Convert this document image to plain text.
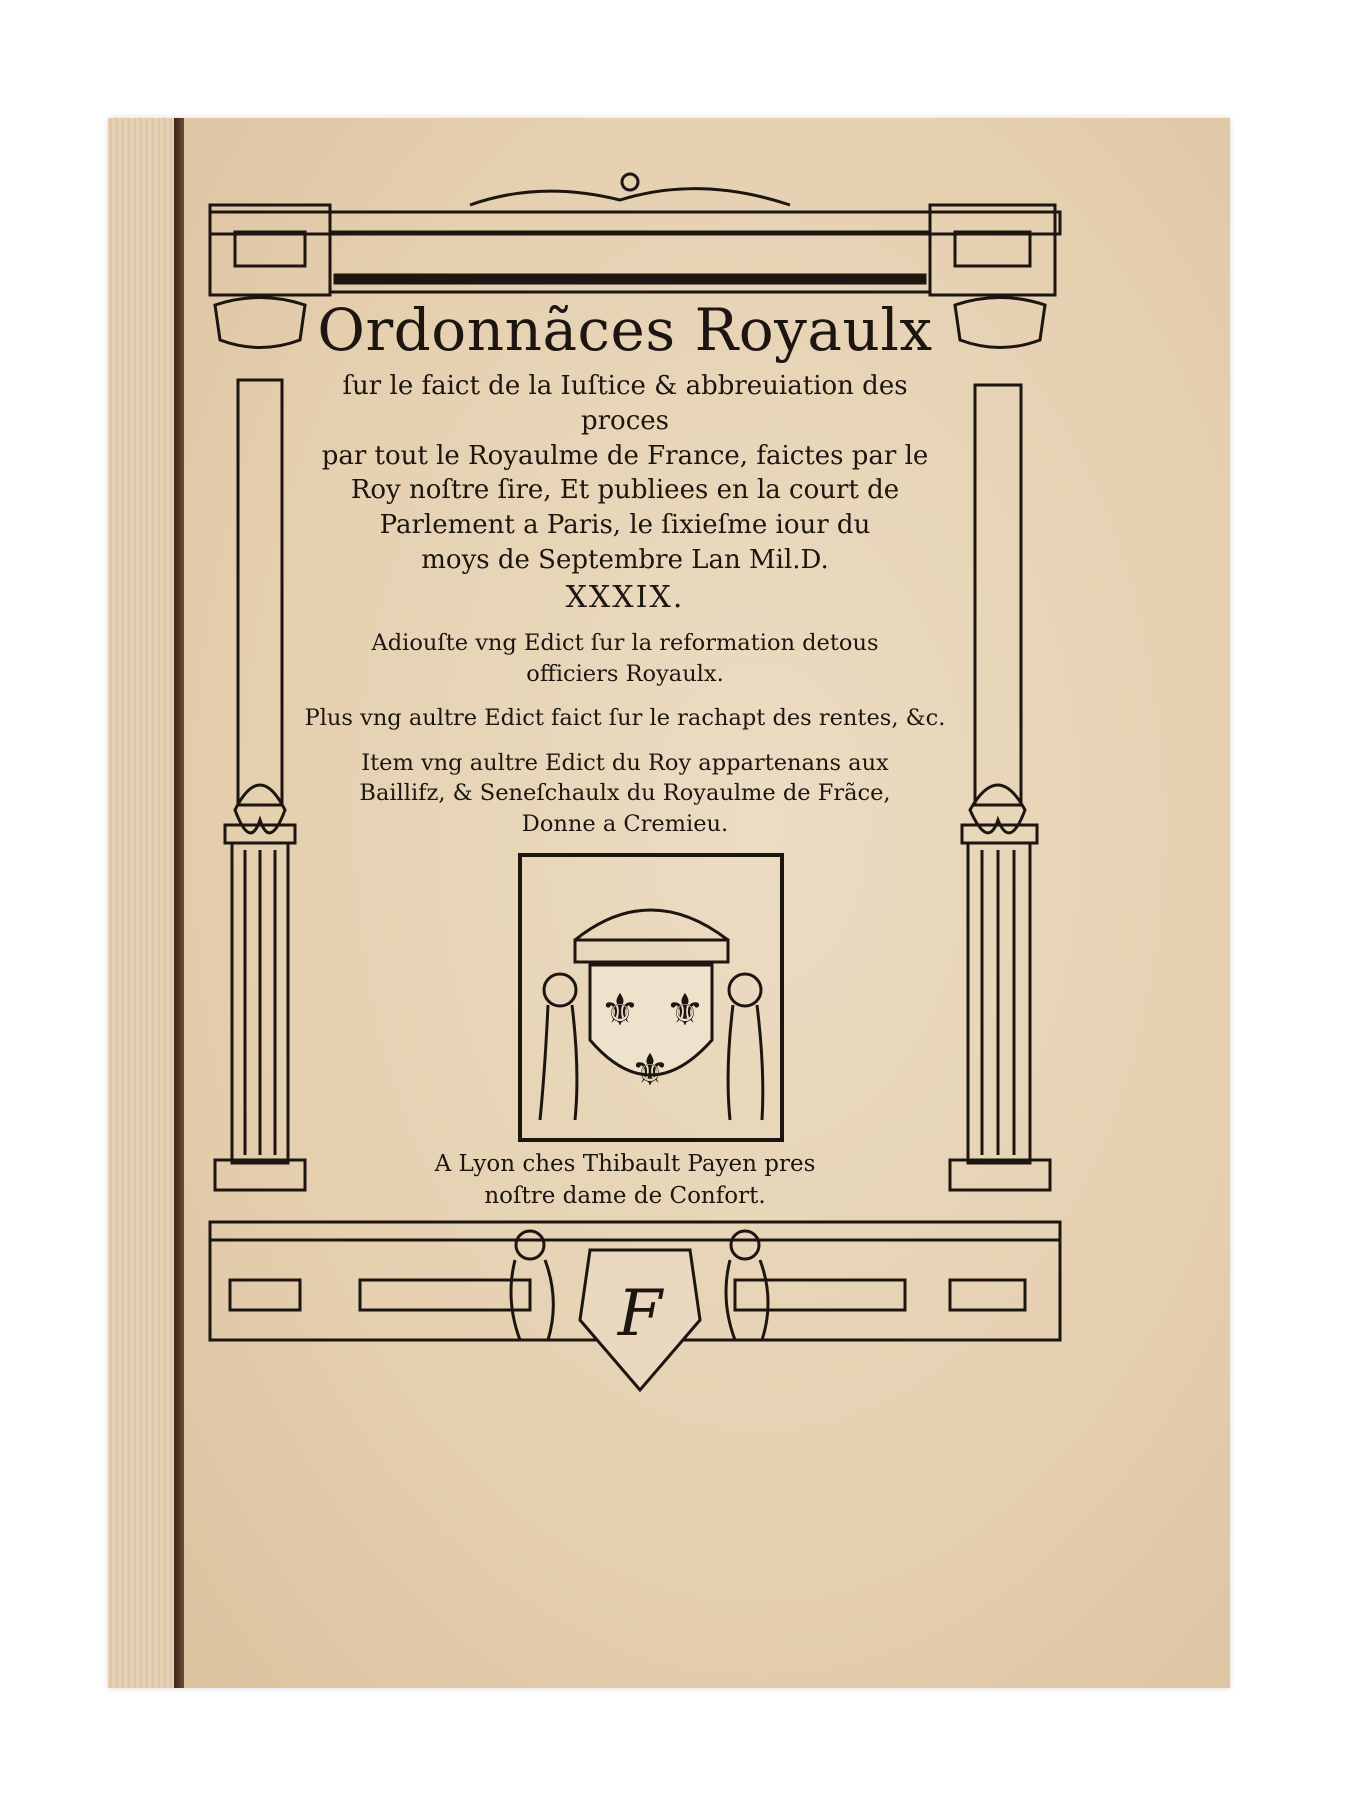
⚜ ⚜
⚜
F
Ordonnãces Royaulx

ſur le faict de la Iuſtice & abbreuiation des proces

par tout le Royaulme de France, faictes par le

Roy noſtre ſire, Et publiees en la court de

Parlement a Paris, le ſixieſme iour du

moys de Septembre Lan Mil.D.

XXXIX.

Adiouſte vng Edict ſur la reformation detous

officiers Royaulx.

Plus vng aultre Edict faict ſur le rachapt des rentes, &c.

Item vng aultre Edict du Roy appartenans aux

Baillifz, & Seneſchaulx du Royaulme de Frãce,

Donne a Cremieu.

A Lyon ches Thibault Payen pres
noſtre dame de Confort.
